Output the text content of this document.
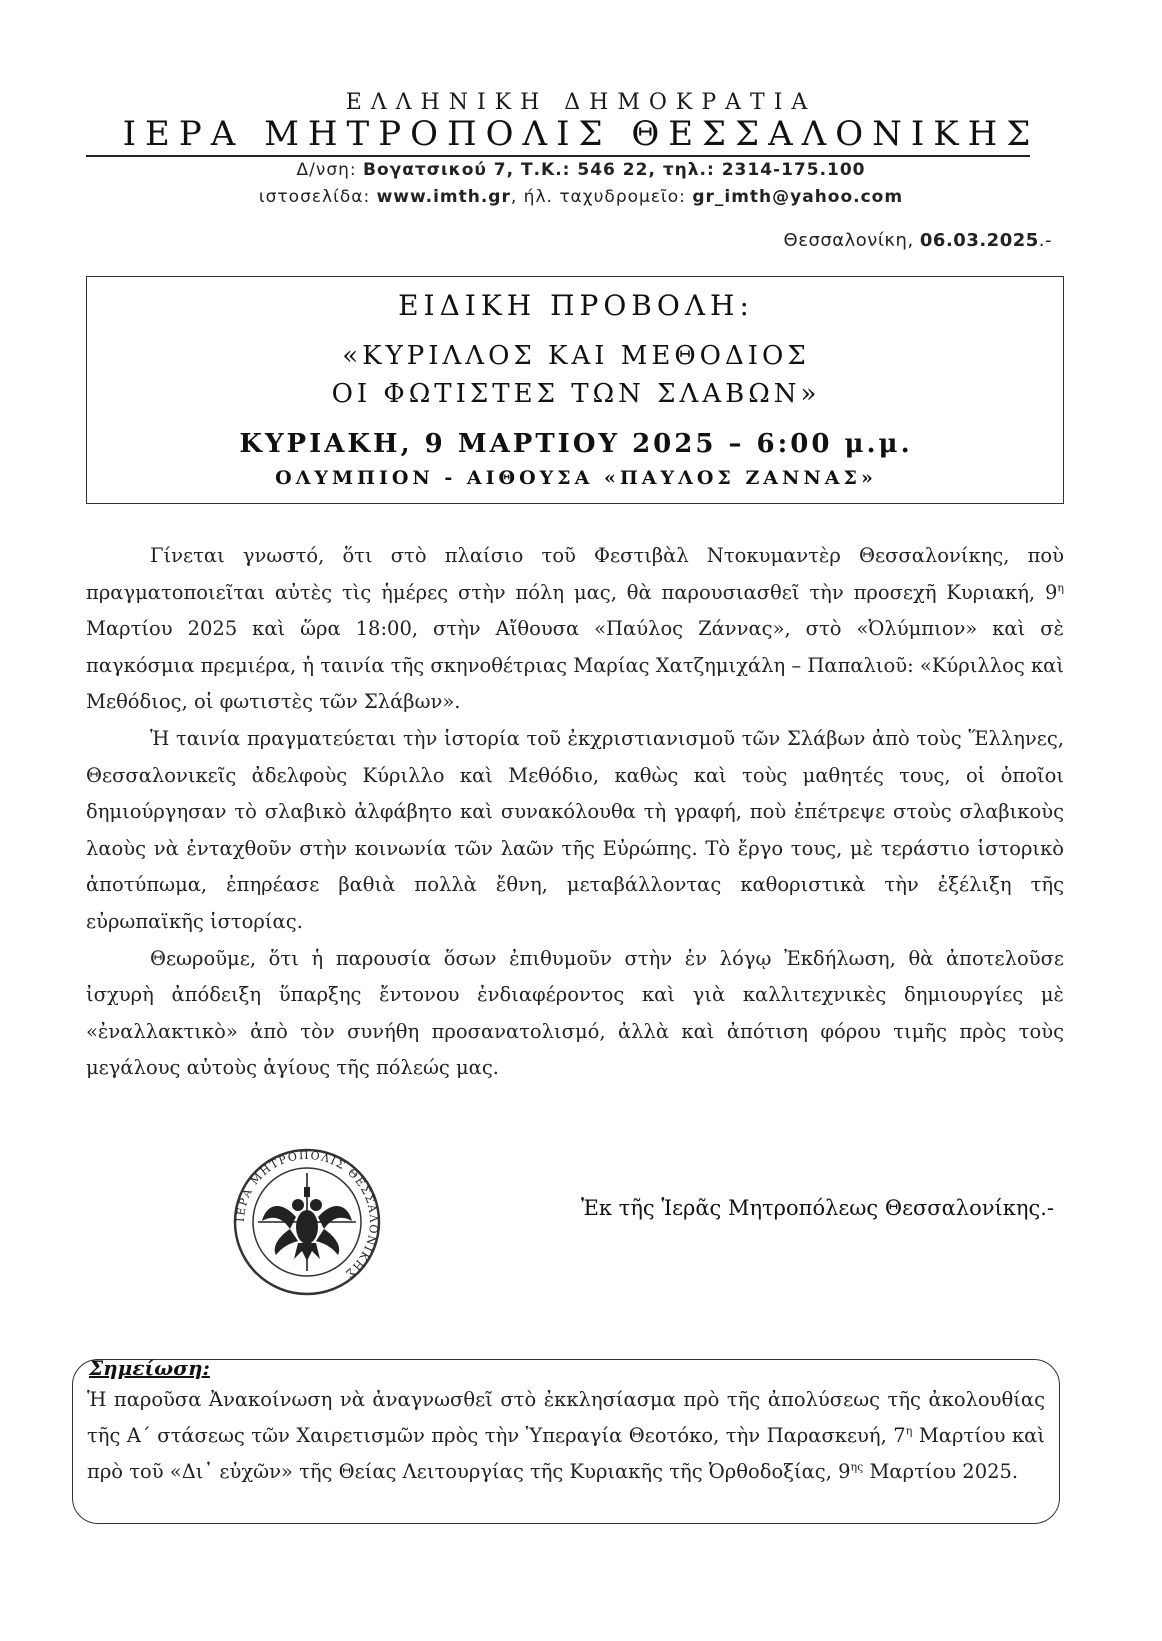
ΕΛΛΗΝΙΚΗ ΔΗΜΟΚΡΑΤΙΑ
ΙΕΡΑ ΜΗΤΡΟΠΟΛΙΣ ΘΕΣΣΑΛΟΝΙΚΗΣ
Δ/νση: Βογατσικού 7, Τ.Κ.: 546 22, τηλ.: 2314-175.100
ιστοσελίδα: www.imth.gr, ήλ. ταχυδρομεῖο: gr_imth@yahoo.com
Θεσσαλονίκη, 06.03.2025.-
ΕΙΔΙΚΗ ΠΡΟΒΟΛΗ:
«ΚΥΡΙΛΛΟΣ ΚΑΙ ΜΕΘΟΔΙΟΣ
ΟΙ ΦΩΤΙΣΤΕΣ ΤΩΝ ΣΛΑΒΩΝ»
ΚΥΡΙΑΚΗ, 9 ΜΑΡΤΙΟΥ 2025 – 6:00 μ.μ.
ΟΛΥΜΠΙΟΝ - ΑΙΘΟΥΣΑ «ΠΑΥΛΟΣ ΖΑΝΝΑΣ»

Γίνεται γνωστό, ὅτι στὸ πλαίσιο τοῦ Φεστιβὰλ Ντοκυμαντὲρ Θεσσαλονίκης, ποὺ πραγματοποιεῖται αὐτὲς τὶς ἡμέρες στὴν πόλη μας, θὰ παρουσιασθεῖ τὴν προσεχῆ Κυριακή, $9^\eta$ Μαρτίου 2025 καὶ ὥρα 18:00, στὴν Αἴθουσα «Παύλος Ζάννας», στὸ «Ὀλύμπιον» καὶ σὲ παγκόσμια πρεμιέρα, ἡ ταινία τῆς σκηνοθέτριας Μαρίας Χατζημιχάλη – Παπαλιοῦ: «Κύριλλος καὶ Μεθόδιος, οἱ φωτιστὲς τῶν Σλάβων».

Ἡ ταινία πραγματεύεται τὴν ἱστορία τοῦ ἐκχριστιανισμοῦ τῶν Σλάβων ἀπὸ τοὺς Ἕλληνες, Θεσσαλονικεῖς ἀδελφοὺς Κύριλλο καὶ Μεθόδιο, καθὼς καὶ τοὺς μαθητές τους, οἱ ὁποῖοι δημιούργησαν τὸ σλαβικὸ ἀλφάβητο καὶ συνακόλουθα τὴ γραφή, ποὺ ἐπέτρεψε στοὺς σλαβικοὺς λαοὺς νὰ ἐνταχθοῦν στὴν κοινωνία τῶν λαῶν τῆς Εὐρώπης. Τὸ ἔργο τους, μὲ τεράστιο ἱστορικὸ ἀποτύπωμα, ἐπηρέασε βαθιὰ πολλὰ ἔθνη, μεταβάλλοντας καθοριστικὰ τὴν ἐξέλιξη τῆς εὐρωπαϊκῆς ἱστορίας.

Θεωροῦμε, ὅτι ἡ παρουσία ὅσων ἐπιθυμοῦν στὴν ἐν λόγῳ Ἐκδήλωση, θὰ ἀποτελοῦσε ἰσχυρὴ ἀπόδειξη ὕπαρξης ἔντονου ἐνδιαφέροντος καὶ γιὰ καλλιτεχνικὲς δημιουργίες μὲ «ἐναλλακτικὸ» ἀπὸ τὸν συνήθη προσανατολισμό, ἀλλὰ καὶ ἀπότιση φόρου τιμῆς πρὸς τοὺς μεγάλους αὐτοὺς ἁγίους τῆς πόλεώς μας.

ΙΕΡΑ ΜΗΤΡΟΠΟΛΙΣ ΘΕΣΣΑΛΟΝΙΚΗΣ
Ἐκ τῆς Ἱερᾶς Μητροπόλεως Θεσσαλονίκης.-
Σημείωση:
Ἡ παροῦσα Ἀνακοίνωση νὰ ἀναγνωσθεῖ στὸ ἐκκλησίασμα πρὸ τῆς ἀπολύσεως τῆς ἀκολουθίας τῆς Α΄ στάσεως τῶν Χαιρετισμῶν πρὸς τὴν Ὑπεραγία Θεοτόκο, τὴν Παρασκευή, $7^\eta$ Μαρτίου καὶ πρὸ τοῦ «Δι᾿ εὐχῶν» τῆς Θείας Λειτουργίας τῆς Κυριακῆς τῆς Ὀρθοδοξίας, $9^{\eta\varsigma}$ Μαρτίου 2025.
